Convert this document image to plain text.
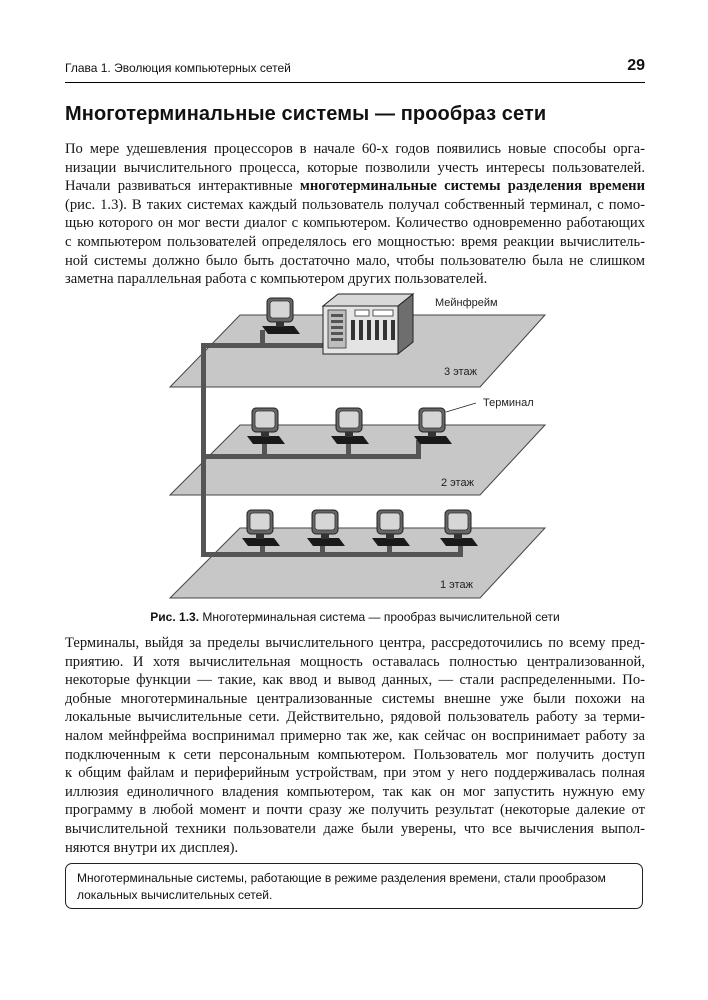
Глава 1. Эволюция компьютерных сетей	29
Многотерминальные системы — прообраз сети
По мере удешевления процессоров в начале 60-х годов появились новые способы орга-
низации вычислительного процесса, которые позволили учесть интересы пользователей.
Начали развиваться интерактивные многотерминальные системы разделения времени
(рис. 1.3). В таких системах каждый пользователь получал собственный терминал, с помо-
щью которого он мог вести диалог с компьютером. Количество одновременно работающих
с компьютером пользователей определялось его мощностью: время реакции вычислитель-
ной системы должно было быть достаточно мало, чтобы пользователю была не слишком
заметна параллельная работа с компьютером других пользователей.
Мейнфрейм
Терминал
3 этаж
2 этаж
1 этаж
Рис. 1.3. Многотерминальная система — прообраз вычислительной сети
Терминалы, выйдя за пределы вычислительного центра, рассредоточились по всему пред-
приятию. И хотя вычислительная мощность оставалась полностью централизованной,
некоторые функции — такие, как ввод и вывод данных, — стали распределенными. По-
добные многотерминальные централизованные системы внешне уже были похожи на
локальные вычислительные сети. Действительно, рядовой пользователь работу за терми-
налом мейнфрейма воспринимал примерно так же, как сейчас он воспринимает работу за
подключенным к сети персональным компьютером. Пользователь мог получить доступ
к общим файлам и периферийным устройствам, при этом у него поддерживалась полная
иллюзия единоличного владения компьютером, так как он мог запустить нужную ему
программу в любой момент и почти сразу же получить результат (некоторые далекие от
вычислительной техники пользователи даже были уверены, что все вычисления выпол-
няются внутри их дисплея).
Многотерминальные системы, работающие в режиме разделения времени, стали прообразом
локальных вычислительных сетей.
